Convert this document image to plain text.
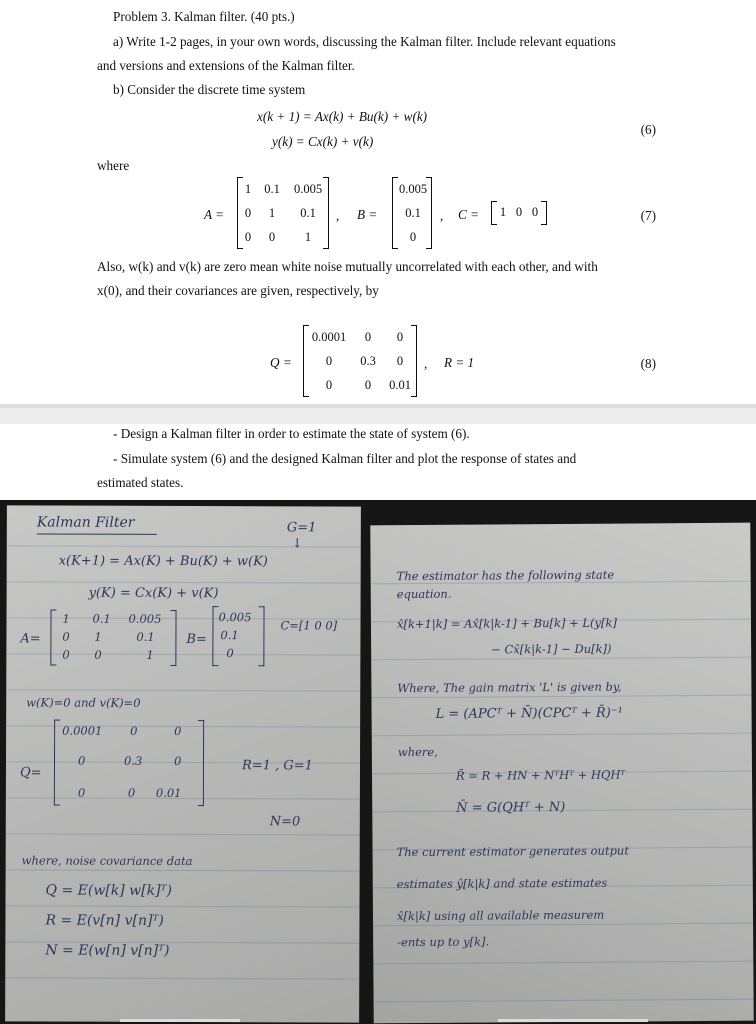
Problem 3. Kalman filter. (40 pts.)
a) Write 1-2 pages, in your own words, discussing the Kalman filter. Include relevant equations
and versions and extensions of the Kalman filter.
b) Consider the discrete time system
x(k + 1) = Ax(k) + Bu(k) + w(k)
y(k) = Cx(k) + v(k)
(6)
where
A =
1	0.1	0.005
0	1	0.1
0	0	1
, B =
0.005
0.1
0
, C =	1 0 0	(7)
Also, w(k) and v(k) are zero mean white noise mutually uncorrelated with each other, and with
x(0), and their covariances are given, respectively, by
Q =
0.0001	0	0
0	0.3	0
0	0	0.01
, R = 1	(8)
- Design a Kalman filter in order to estimate the state of system (6).
- Simulate system (6) and the designed Kalman filter and plot the response of states and
estimated states.
Kalman Filter	G=1
↓
x(K+1) = Ax(K) + Bu(K) + w(K)
y(K) = Cx(K) + v(K)
A=
1 0.1 0.005
0 1	0.1
0 0	1
B=
0.005
0.1
0
C=[1 0 0]
w(K)=0 and v(K)=0
Q=
0.0001 0	0
0	0.3	0
0	0 0.01
R=1 , G=1
N=0
where, noise covariance data
Q = E(w[k] w[k]ᵀ)
R = E(v[n] v[n]ᵀ)
N = E(w[n] v[n]ᵀ)
The estimator has the following state
equation.
x̂[k+1|k] = Ax̂[k|k-1] + Bu[k] + L(y[k]
− Cx̂[k|k-1] − Du[k])
Where, The gain matrix 'L' is given by,
L = (APCᵀ + N̄)(CPCᵀ + R̄)⁻¹
where,
R̄ = R + HN + NᵀHᵀ + HQHᵀ
N̄ = G(QHᵀ + N)
The current estimator generates output
estimates ŷ[k|k] and state estimates
x̂[k|k] using all available measurem
-ents up to y[k].
